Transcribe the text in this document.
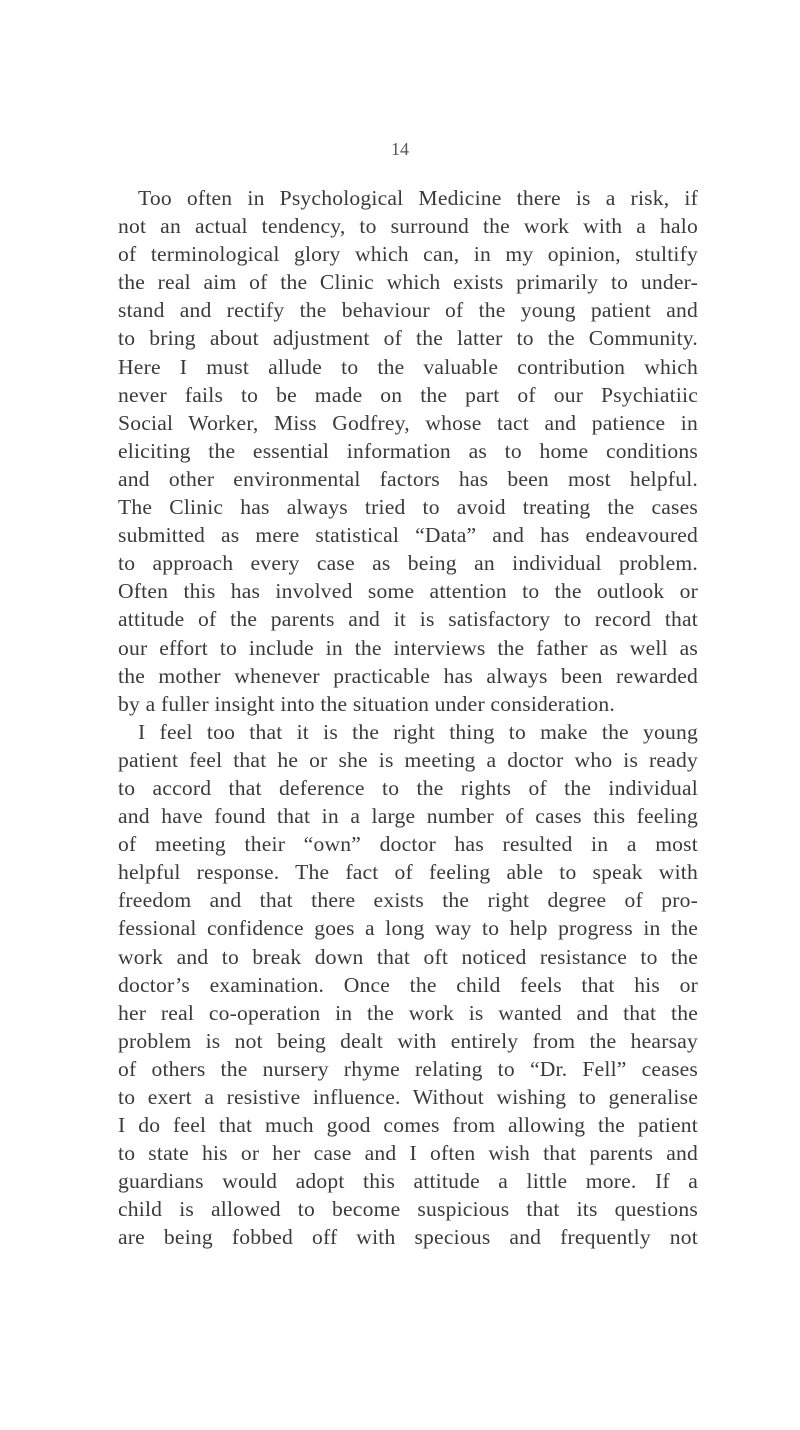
14
Too often in Psychological Medicine there is a risk, if
not an actual tendency, to surround the work with a halo
of terminological glory which can, in my opinion, stultify
the real aim of the Clinic which exists primarily to under-
stand and rectify the behaviour of the young patient and
to bring about adjustment of the latter to the Community.
Here I must allude to the valuable contribution which
never fails to be made on the part of our Psychiatiic
Social Worker, Miss Godfrey, whose tact and patience in
eliciting the essential information as to home conditions
and other environmental factors has been most helpful.
The Clinic has always tried to avoid treating the cases
submitted as mere statistical “Data” and has endeavoured
to approach every case as being an individual problem.
Often this has involved some attention to the outlook or
attitude of the parents and it is satisfactory to record that
our effort to include in the interviews the father as well as
the mother whenever practicable has always been rewarded
by a fuller insight into the situation under consideration.
I feel too that it is the right thing to make the young
patient feel that he or she is meeting a doctor who is ready
to accord that deference to the rights of the individual
and have found that in a large number of cases this feeling
of meeting their “own” doctor has resulted in a most
helpful response. The fact of feeling able to speak with
freedom and that there exists the right degree of pro-
fessional confidence goes a long way to help progress in the
work and to break down that oft noticed resistance to the
doctor’s examination. Once the child feels that his or
her real co-operation in the work is wanted and that the
problem is not being dealt with entirely from the hearsay
of others the nursery rhyme relating to “Dr. Fell” ceases
to exert a resistive influence. Without wishing to generalise
I do feel that much good comes from allowing the patient
to state his or her case and I often wish that parents and
guardians would adopt this attitude a little more. If a
child is allowed to become suspicious that its questions
are being fobbed off with specious and frequently not
